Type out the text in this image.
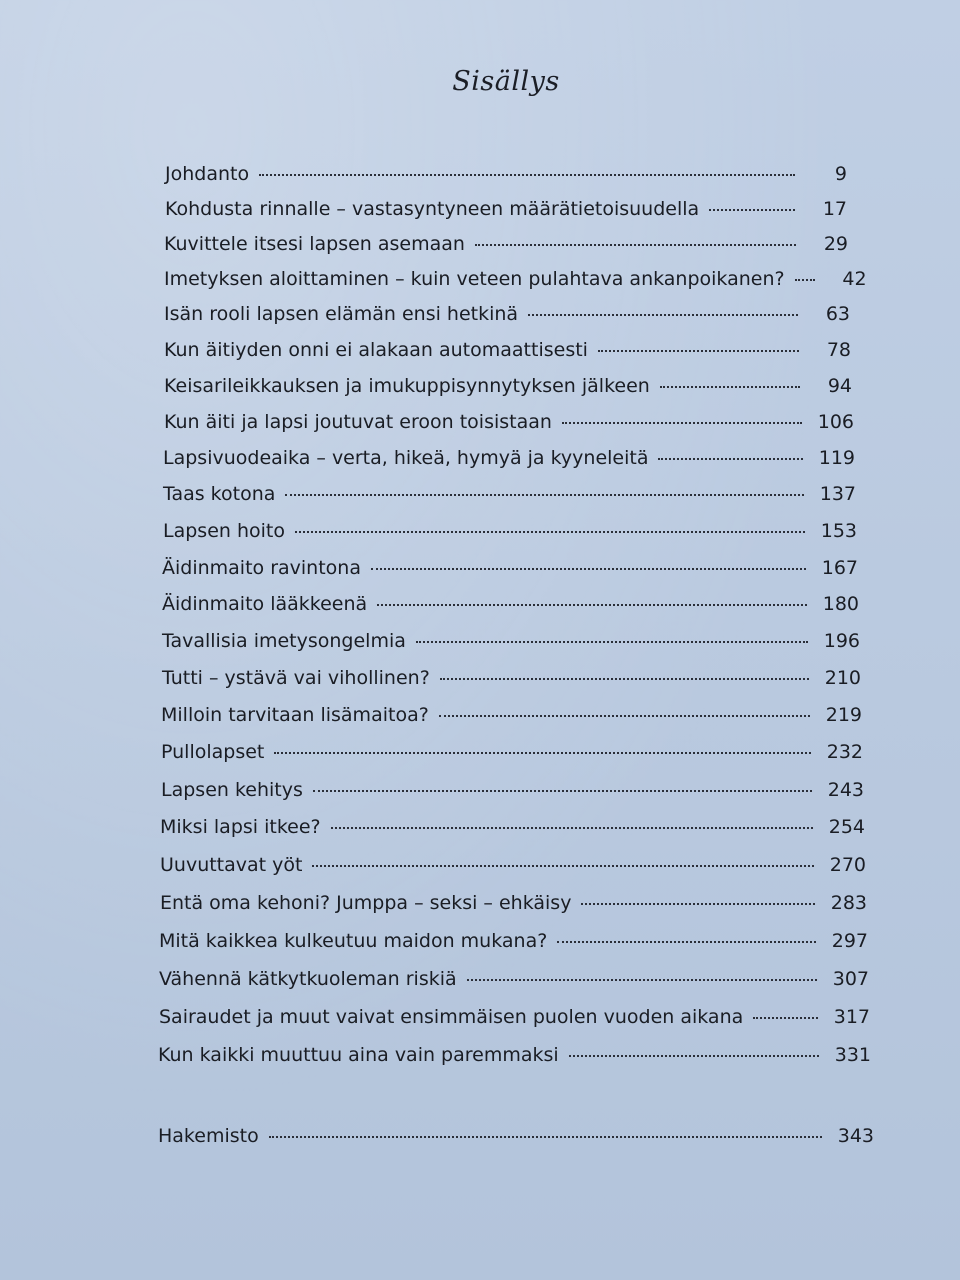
Sisällys
Johdanto	9
Kohdusta rinnalle – vastasyntyneen määrätietoisuudella	17
Kuvittele itsesi lapsen asemaan	29
Imetyksen aloittaminen – kuin veteen pulahtava ankanpoikanen?	42
Isän rooli lapsen elämän ensi hetkinä	63
Kun äitiyden onni ei alakaan automaattisesti	78
Keisarileikkauksen ja imukuppisynnytyksen jälkeen	94
Kun äiti ja lapsi joutuvat eroon toisistaan	106
Lapsivuodeaika – verta, hikeä, hymyä ja kyyneleitä	119
Taas kotona	137
Lapsen hoito	153
Äidinmaito ravintona	167
Äidinmaito lääkkeenä	180
Tavallisia imetysongelmia	196
Tutti – ystävä vai vihollinen?	210
Milloin tarvitaan lisämaitoa?	219
Pullolapset	232
Lapsen kehitys	243
Miksi lapsi itkee?	254
Uuvuttavat yöt	270
Entä oma kehoni? Jumppa – seksi – ehkäisy	283
Mitä kaikkea kulkeutuu maidon mukana?	297
Vähennä kätkytkuoleman riskiä	307
Sairaudet ja muut vaivat ensimmäisen puolen vuoden aikana	317
Kun kaikki muuttuu aina vain paremmaksi	331
Hakemisto	343
